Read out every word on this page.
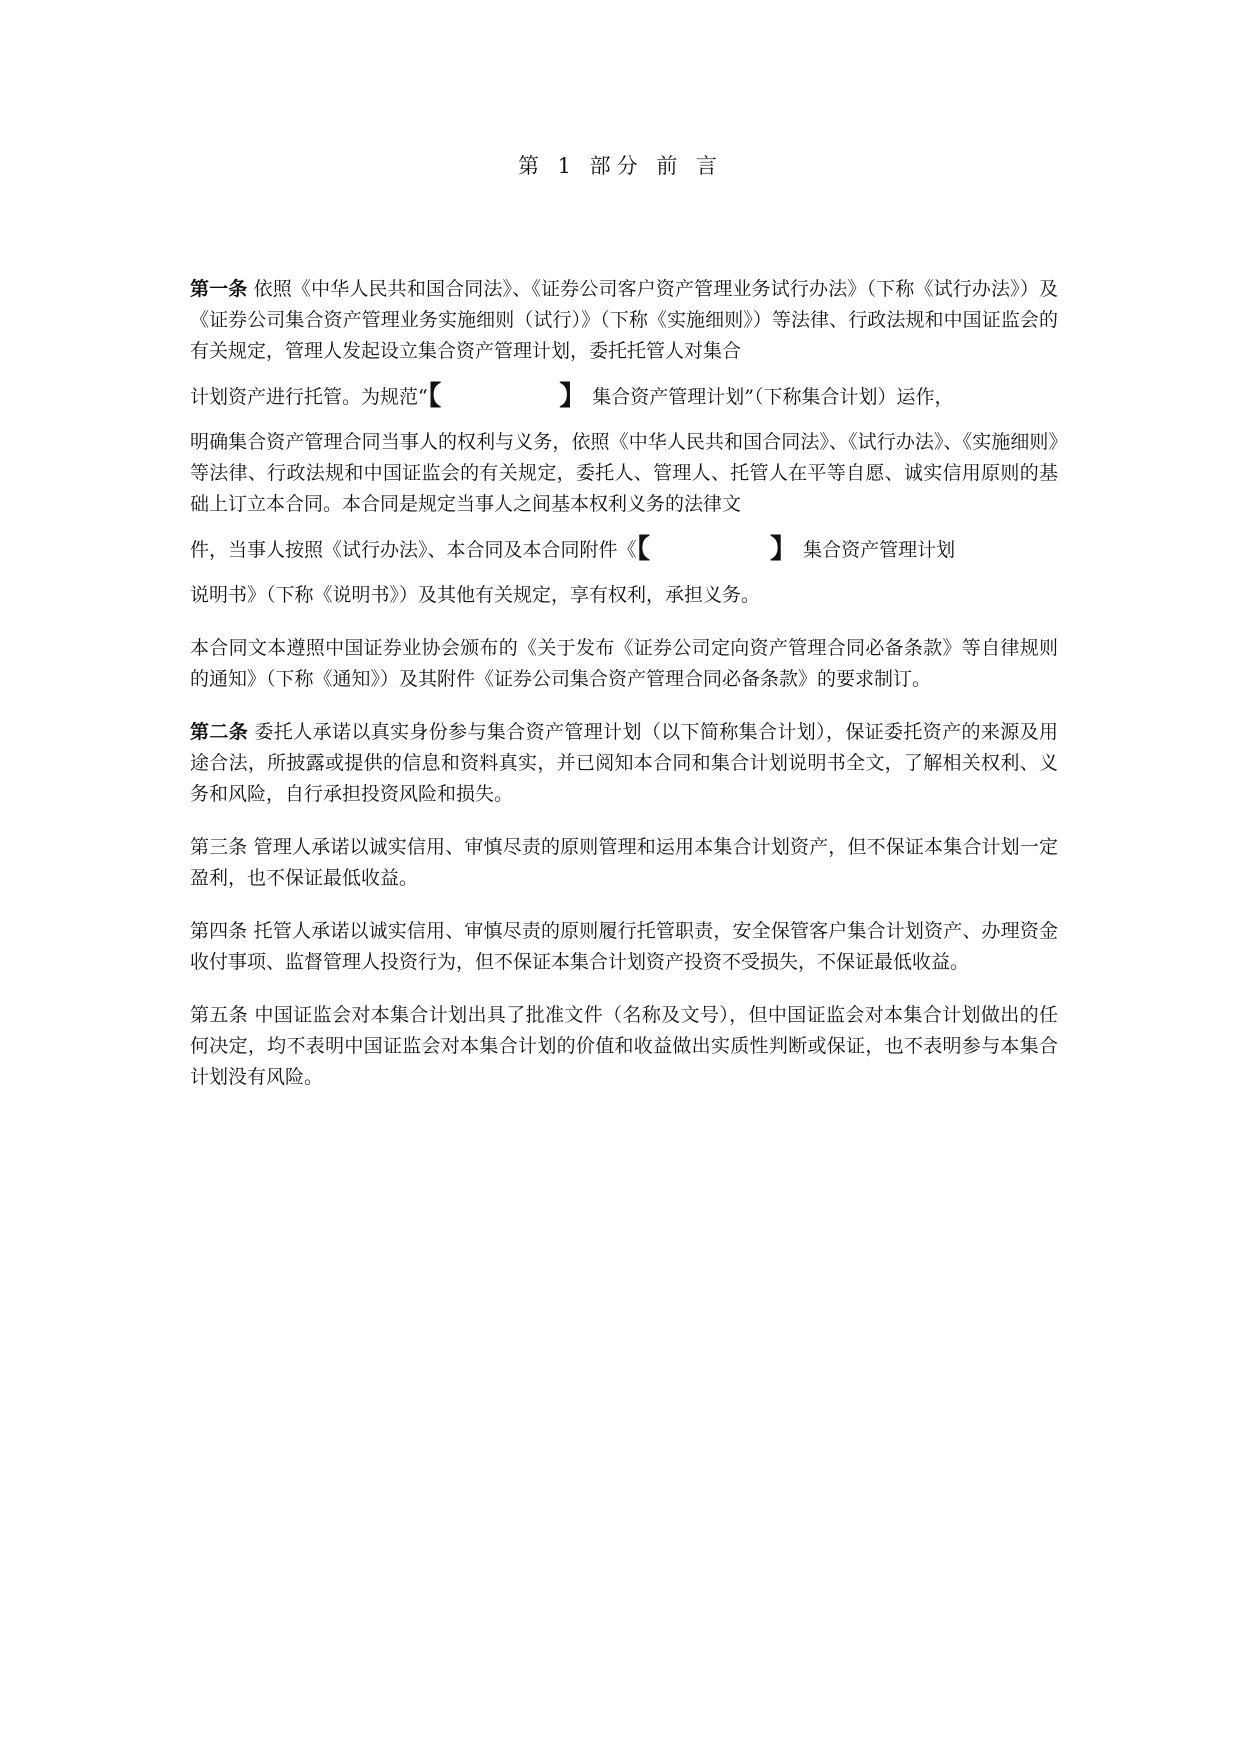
第 1 部分 前 言

第一条 依照《中华人民共和国合同法》、《证券公司客户资产管理业务试行办法》（下称《试行办法》）及《证券公司集合资产管理业务实施细则（试行）》（下称《实施细则》）等法律、行政法规和中国证监会的有关规定，管理人发起设立集合资产管理计划，委托托管人对集合
计划资产进行托管。为规范“【	】 集合资产管理计划”（下称集合计划）运作，
明确集合资产管理合同当事人的权利与义务，依照《中华人民共和国合同法》、《试行办法》、《实施细则》等法律、行政法规和中国证监会的有关规定，委托人、管理人、托管人在平等自愿、诚实信用原则的基础上订立本合同。本合同是规定当事人之间基本权利义务的法律文
件，当事人按照《试行办法》、本合同及本合同附件《【	】 集合资产管理计划
说明书》（下称《说明书》）及其他有关规定，享有权利，承担义务。

本合同文本遵照中国证券业协会颁布的《关于发布《证券公司定向资产管理合同必备条款》等自律规则的通知》（下称《通知》）及其附件《证券公司集合资产管理合同必备条款》的要求制订。

第二条 委托人承诺以真实身份参与集合资产管理计划（以下简称集合计划），保证委托资产的来源及用途合法，所披露或提供的信息和资料真实，并已阅知本合同和集合计划说明书全文，了解相关权利、义务和风险，自行承担投资风险和损失。

第三条 管理人承诺以诚实信用、审慎尽责的原则管理和运用本集合计划资产，但不保证本集合计划一定盈利，也不保证最低收益。

第四条 托管人承诺以诚实信用、审慎尽责的原则履行托管职责，安全保管客户集合计划资产、办理资金收付事项、监督管理人投资行为，但不保证本集合计划资产投资不受损失，不保证最低收益。

第五条 中国证监会对本集合计划出具了批准文件（名称及文号），但中国证监会对本集合计划做出的任何决定，均不表明中国证监会对本集合计划的价值和收益做出实质性判断或保证，也不表明参与本集合计划没有风险。
